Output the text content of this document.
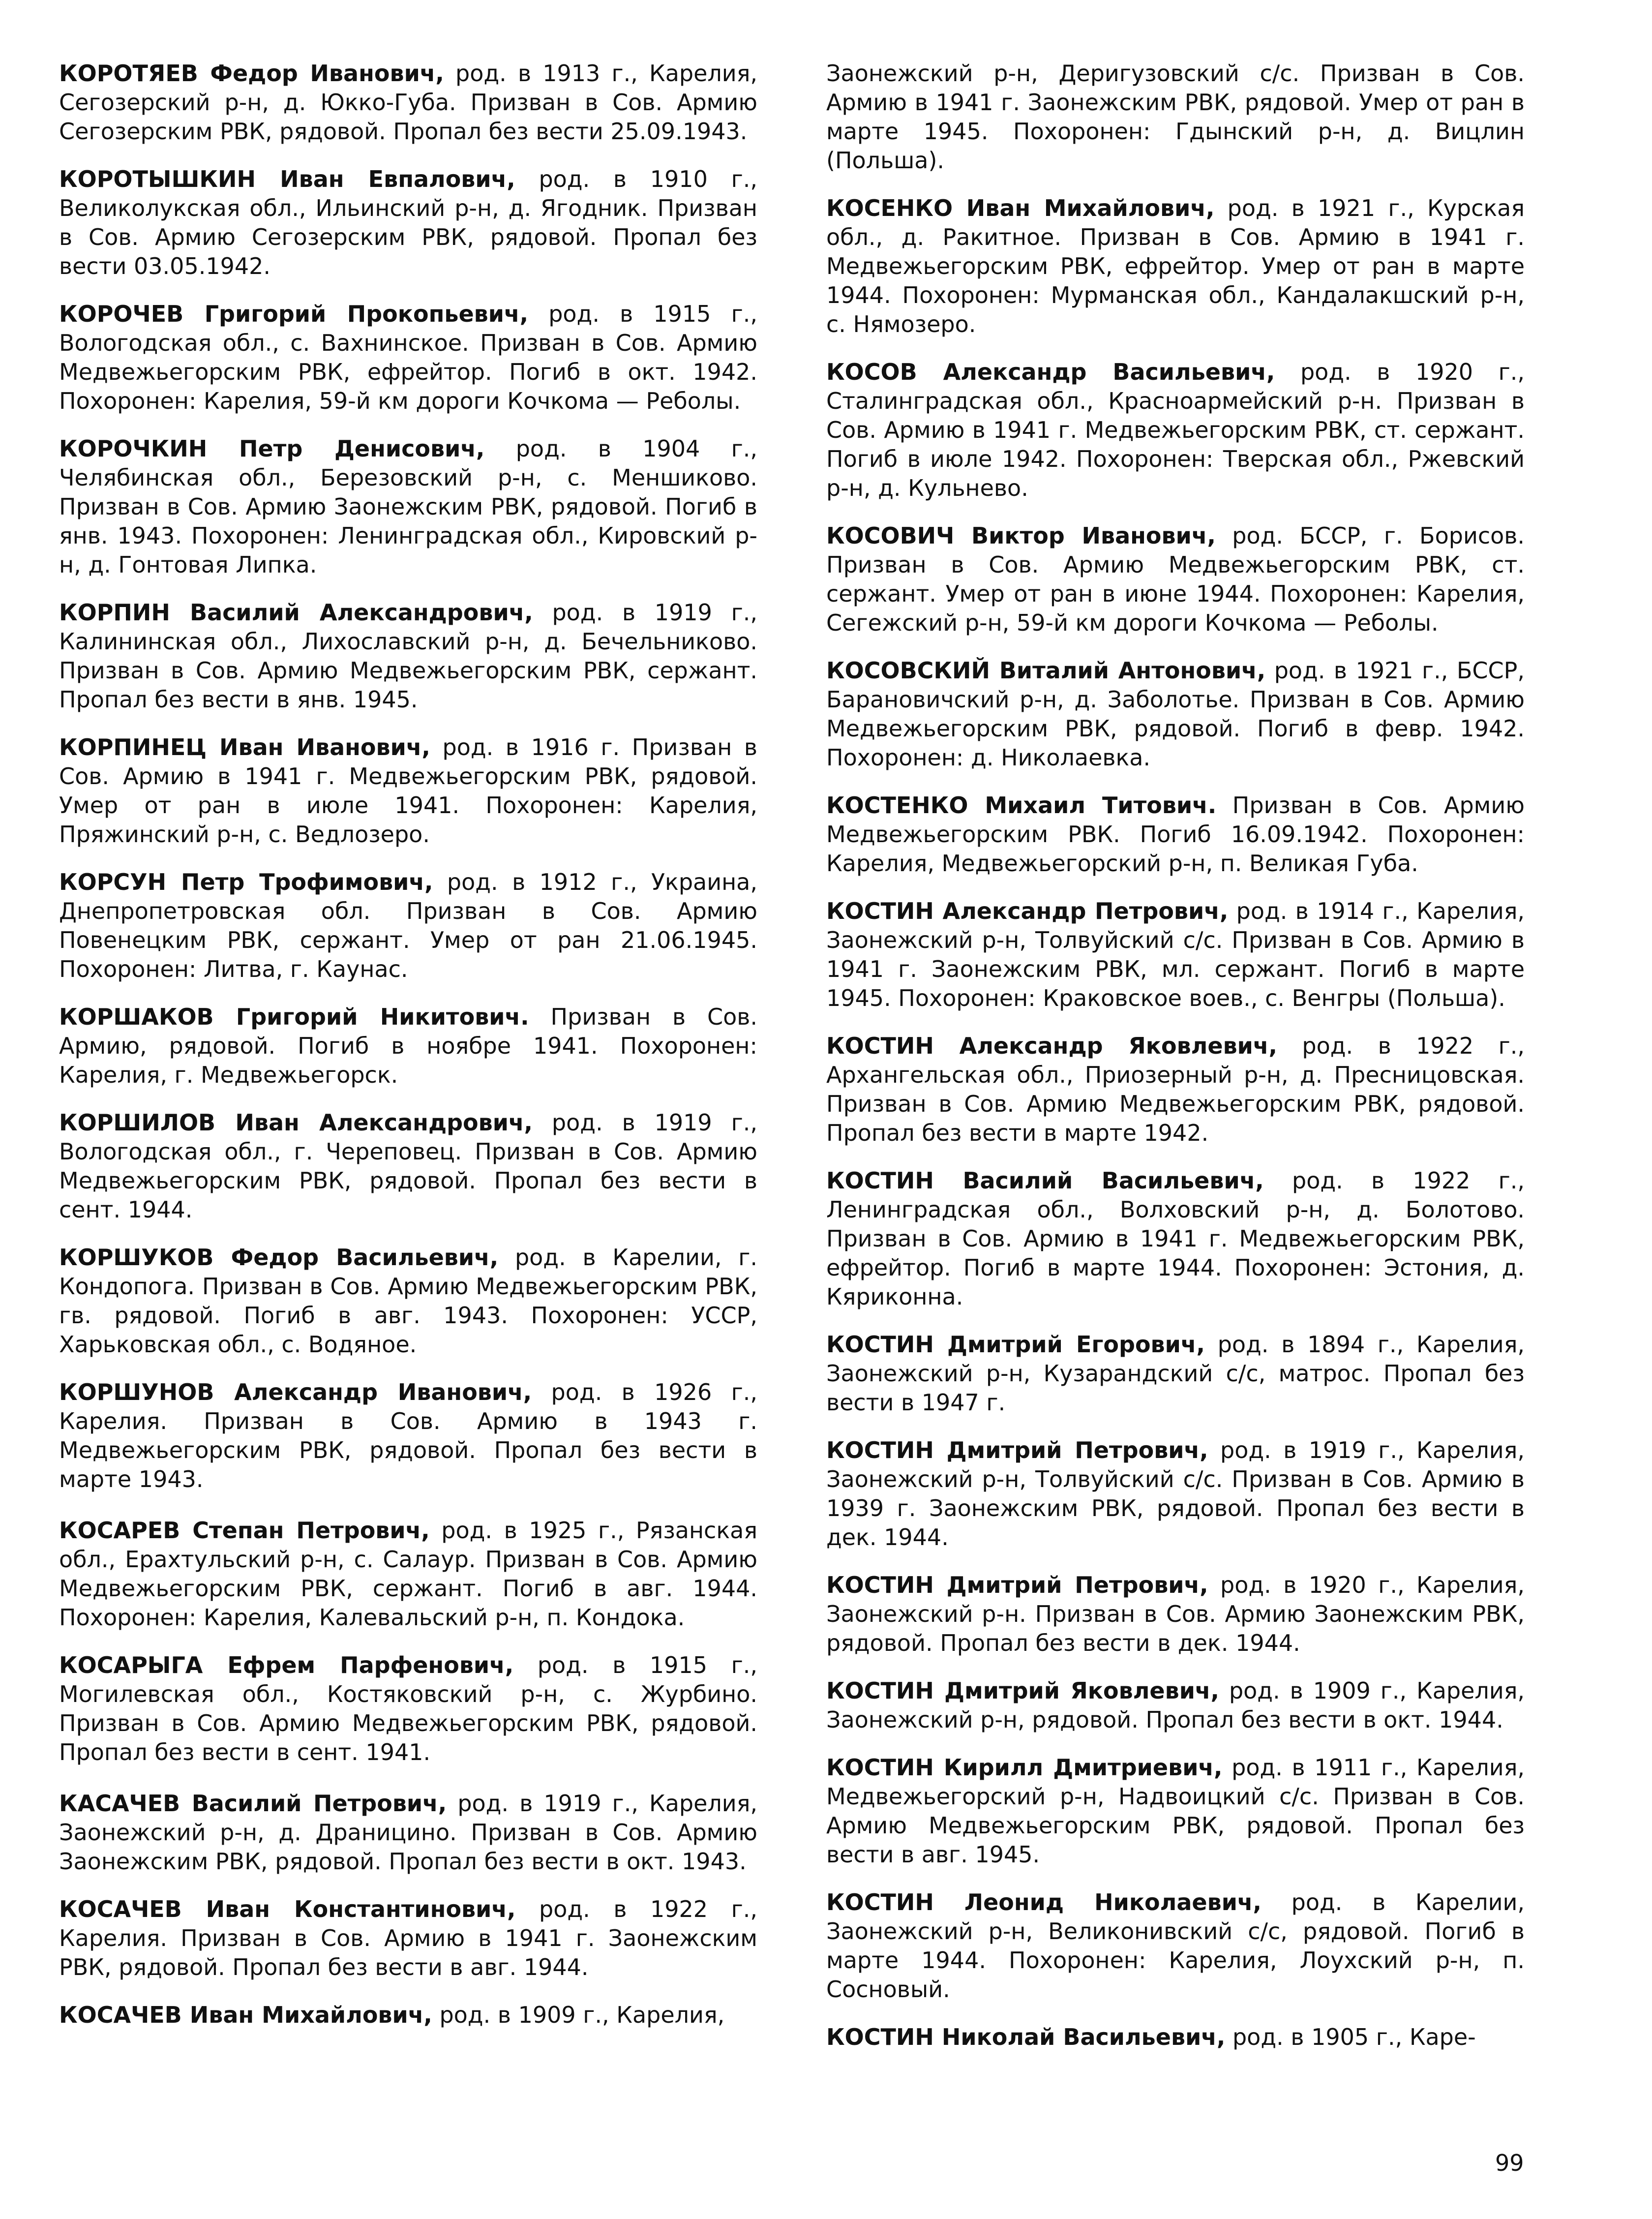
КОРОТЯЕВ Федор Иванович, род. в 1913 г., Карелия, Сегозерский р-н, д. Юкко-Губа. Призван в Сов. Армию Сегозерским РВК, рядовой. Пропал без вести 25.09.1943.

КОРОТЫШКИН Иван Евпалович, род. в 1910 г., Великолукская обл., Ильинский р-н, д. Ягодник. Призван в Сов. Армию Сегозерским РВК, рядовой. Пропал без вести 03.05.1942.

КОРОЧЕВ Григорий Прокопьевич, род. в 1915 г., Вологодская обл., с. Вахнинское. Призван в Сов. Армию Медвежьегорским РВК, ефрейтор. Погиб в окт. 1942. Похоронен: Карелия, 59-й км дороги Кочкома — Реболы.

КОРОЧКИН Петр Денисович, род. в 1904 г., Челябинская обл., Березовский р-н, с. Меншиково. Призван в Сов. Армию Заонежским РВК, рядовой. Погиб в янв. 1943. Похоронен: Ленинградская обл., Кировский р-н, д. Гонтовая Липка.

КОРПИН Василий Александрович, род. в 1919 г., Калининская обл., Лихославский р-н, д. Бечельниково. Призван в Сов. Армию Медвежьегорским РВК, сержант. Пропал без вести в янв. 1945.

КОРПИНЕЦ Иван Иванович, род. в 1916 г. Призван в Сов. Армию в 1941 г. Медвежьегорским РВК, рядовой. Умер от ран в июле 1941. Похоронен: Карелия, Пряжинский р-н, с. Ведлозеро.

КОРСУН Петр Трофимович, род. в 1912 г., Украина, Днепропетровская обл. Призван в Сов. Армию Повенецким РВК, сержант. Умер от ран 21.06.1945. Похоронен: Литва, г. Каунас.

КОРШАКОВ Григорий Никитович. Призван в Сов. Армию, рядовой. Погиб в ноябре 1941. Похоронен: Карелия, г. Медвежьегорск.

КОРШИЛОВ Иван Александрович, род. в 1919 г., Вологодская обл., г. Череповец. Призван в Сов. Армию Медвежьегорским РВК, рядовой. Пропал без вести в сент. 1944.

КОРШУКОВ Федор Васильевич, род. в Карелии, г. Кондопога. Призван в Сов. Армию Медвежьегорским РВК, гв. рядовой. Погиб в авг. 1943. Похоронен: УССР, Харьковская обл., с. Водяное.

КОРШУНОВ Александр Иванович, род. в 1926 г., Карелия. Призван в Сов. Армию в 1943 г. Медвежьегорским РВК, рядовой. Пропал без вести в марте 1943.

КОСАРЕВ Степан Петрович, род. в 1925 г., Рязанская обл., Ерахтульский р-н, с. Салаур. Призван в Сов. Армию Медвежьегорским РВК, сержант. Погиб в авг. 1944. Похоронен: Карелия, Калевальский р-н, п. Кондока.

КОСАРЫГА Ефрем Парфенович, род. в 1915 г., Могилевская обл., Костяковский р-н, с. Журбино. Призван в Сов. Армию Медвежьегорским РВК, рядовой. Пропал без вести в сент. 1941.

КАСАЧЕВ Василий Петрович, род. в 1919 г., Карелия, Заонежский р-н, д. Драницино. Призван в Сов. Армию Заонежским РВК, рядовой. Пропал без вести в окт. 1943.

КОСАЧЕВ Иван Константинович, род. в 1922 г., Карелия. Призван в Сов. Армию в 1941 г. Заонежским РВК, рядовой. Пропал без вести в авг. 1944.

КОСАЧЕВ Иван Михайлович, род. в 1909 г., Карелия,

Заонежский р-н, Деригузовский с/с. Призван в Сов. Армию в 1941 г. Заонежским РВК, рядовой. Умер от ран в марте 1945. Похоронен: Гдынский р-н, д. Вицлин (Польша).

КОСЕНКО Иван Михайлович, род. в 1921 г., Курская обл., д. Ракитное. Призван в Сов. Армию в 1941 г. Медвежьегорским РВК, ефрейтор. Умер от ран в марте 1944. Похоронен: Мурманская обл., Кандалакшский р-н, с. Нямозеро.

КОСОВ Александр Васильевич, род. в 1920 г., Сталинградская обл., Красноармейский р-н. Призван в Сов. Армию в 1941 г. Медвежьегорским РВК, ст. сержант. Погиб в июле 1942. Похоронен: Тверская обл., Ржевский р-н, д. Кульнево.

КОСОВИЧ Виктор Иванович, род. БССР, г. Борисов. Призван в Сов. Армию Медвежьегорским РВК, ст. сержант. Умер от ран в июне 1944. Похоронен: Карелия, Сегежский р-н, 59-й км дороги Кочкома — Реболы.

КОСОВСКИЙ Виталий Антонович, род. в 1921 г., БССР, Барановичский р-н, д. Заболотье. Призван в Сов. Армию Медвежьегорским РВК, рядовой. Погиб в февр. 1942. Похоронен: д. Николаевка.

КОСТЕНКО Михаил Титович. Призван в Сов. Армию Медвежьегорским РВК. Погиб 16.09.1942. Похоронен: Карелия, Медвежьегорский р-н, п. Великая Губа.

КОСТИН Александр Петрович, род. в 1914 г., Карелия, Заонежский р-н, Толвуйский с/с. Призван в Сов. Армию в 1941 г. Заонежским РВК, мл. сержант. Погиб в марте 1945. Похоронен: Краковское воев., с. Венгры (Польша).

КОСТИН Александр Яковлевич, род. в 1922 г., Архангельская обл., Приозерный р-н, д. Пресницовская. Призван в Сов. Армию Медвежьегорским РВК, рядовой. Пропал без вести в марте 1942.

КОСТИН Василий Васильевич, род. в 1922 г., Ленинградская обл., Волховский р-н, д. Болотово. Призван в Сов. Армию в 1941 г. Медвежьегорским РВК, ефрейтор. Погиб в марте 1944. Похоронен: Эстония, д. Кяриконна.

КОСТИН Дмитрий Егорович, род. в 1894 г., Карелия, Заонежский р-н, Кузарандский с/с, матрос. Пропал без вести в 1947 г.

КОСТИН Дмитрий Петрович, род. в 1919 г., Карелия, Заонежский р-н, Толвуйский с/с. Призван в Сов. Армию в 1939 г. Заонежским РВК, рядовой. Пропал без вести в дек. 1944.

КОСТИН Дмитрий Петрович, род. в 1920 г., Карелия, Заонежский р-н. Призван в Сов. Армию Заонежским РВК, рядовой. Пропал без вести в дек. 1944.

КОСТИН Дмитрий Яковлевич, род. в 1909 г., Карелия, Заонежский р-н, рядовой. Пропал без вести в окт. 1944.

КОСТИН Кирилл Дмитриевич, род. в 1911 г., Карелия, Медвежьегорский р-н, Надвоицкий с/с. Призван в Сов. Армию Медвежьегорским РВК, рядовой. Пропал без вести в авг. 1945.

КОСТИН Леонид Николаевич, род. в Карелии, Заонежский р-н, Великонивский с/с, рядовой. Погиб в марте 1944. Похоронен: Карелия, Лоухский р-н, п. Сосновый.

КОСТИН Николай Васильевич, род. в 1905 г., Каре-

99
